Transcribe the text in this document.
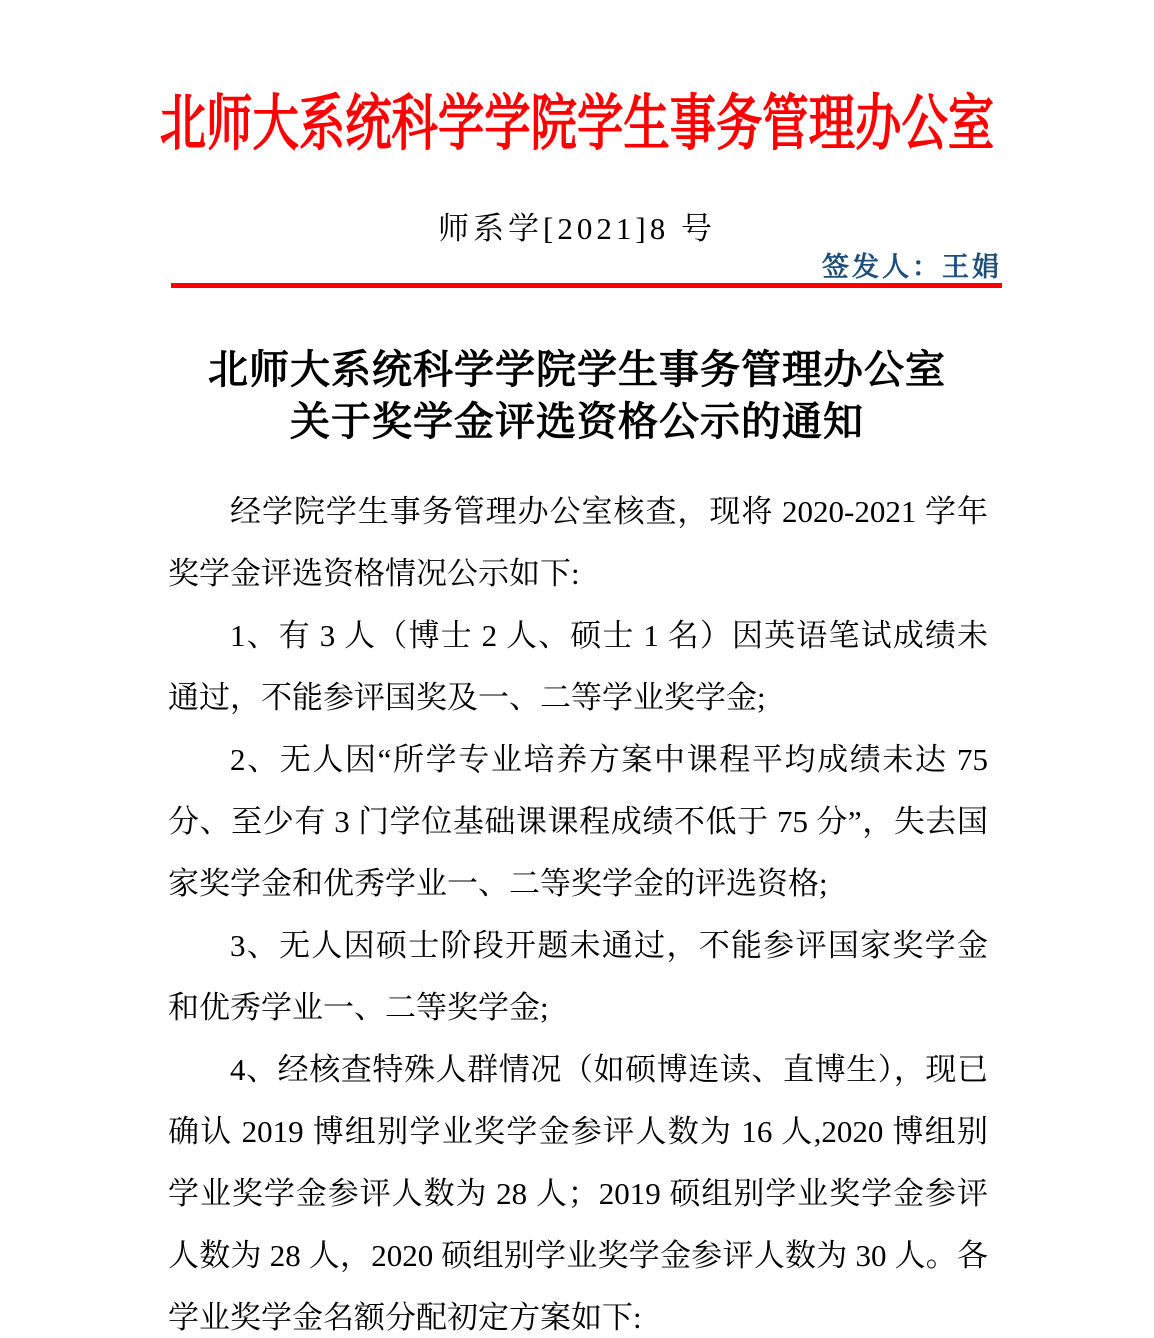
北师大系统科学学院学生事务管理办公室
师系学[2021]8 号
签发人：王娟
北师大系统科学学院学生事务管理办公室
关于奖学金评选资格公示的通知

经学院学生事务管理办公室核查，现将 2020-2021 学年奖学金评选资格情况公示如下:

1、有 3 人（博士 2 人、硕士 1 名）因英语笔试成绩未通过，不能参评国奖及一、二等学业奖学金;

2、无人因“所学专业培养方案中课程平均成绩未达 75 分、至少有 3 门学位基础课课程成绩不低于 75 分”，失去国家奖学金和优秀学业一、二等奖学金的评选资格;

3、无人因硕士阶段开题未通过，不能参评国家奖学金和优秀学业一、二等奖学金;

4、经核查特殊人群情况（如硕博连读、直博生），现已确认 2019 博组别学业奖学金参评人数为 16 人,2020 博组别学业奖学金参评人数为 28 人；2019 硕组别学业奖学金参评人数为 28 人，2020 硕组别学业奖学金参评人数为 30 人。各学业奖学金名额分配初定方案如下:
